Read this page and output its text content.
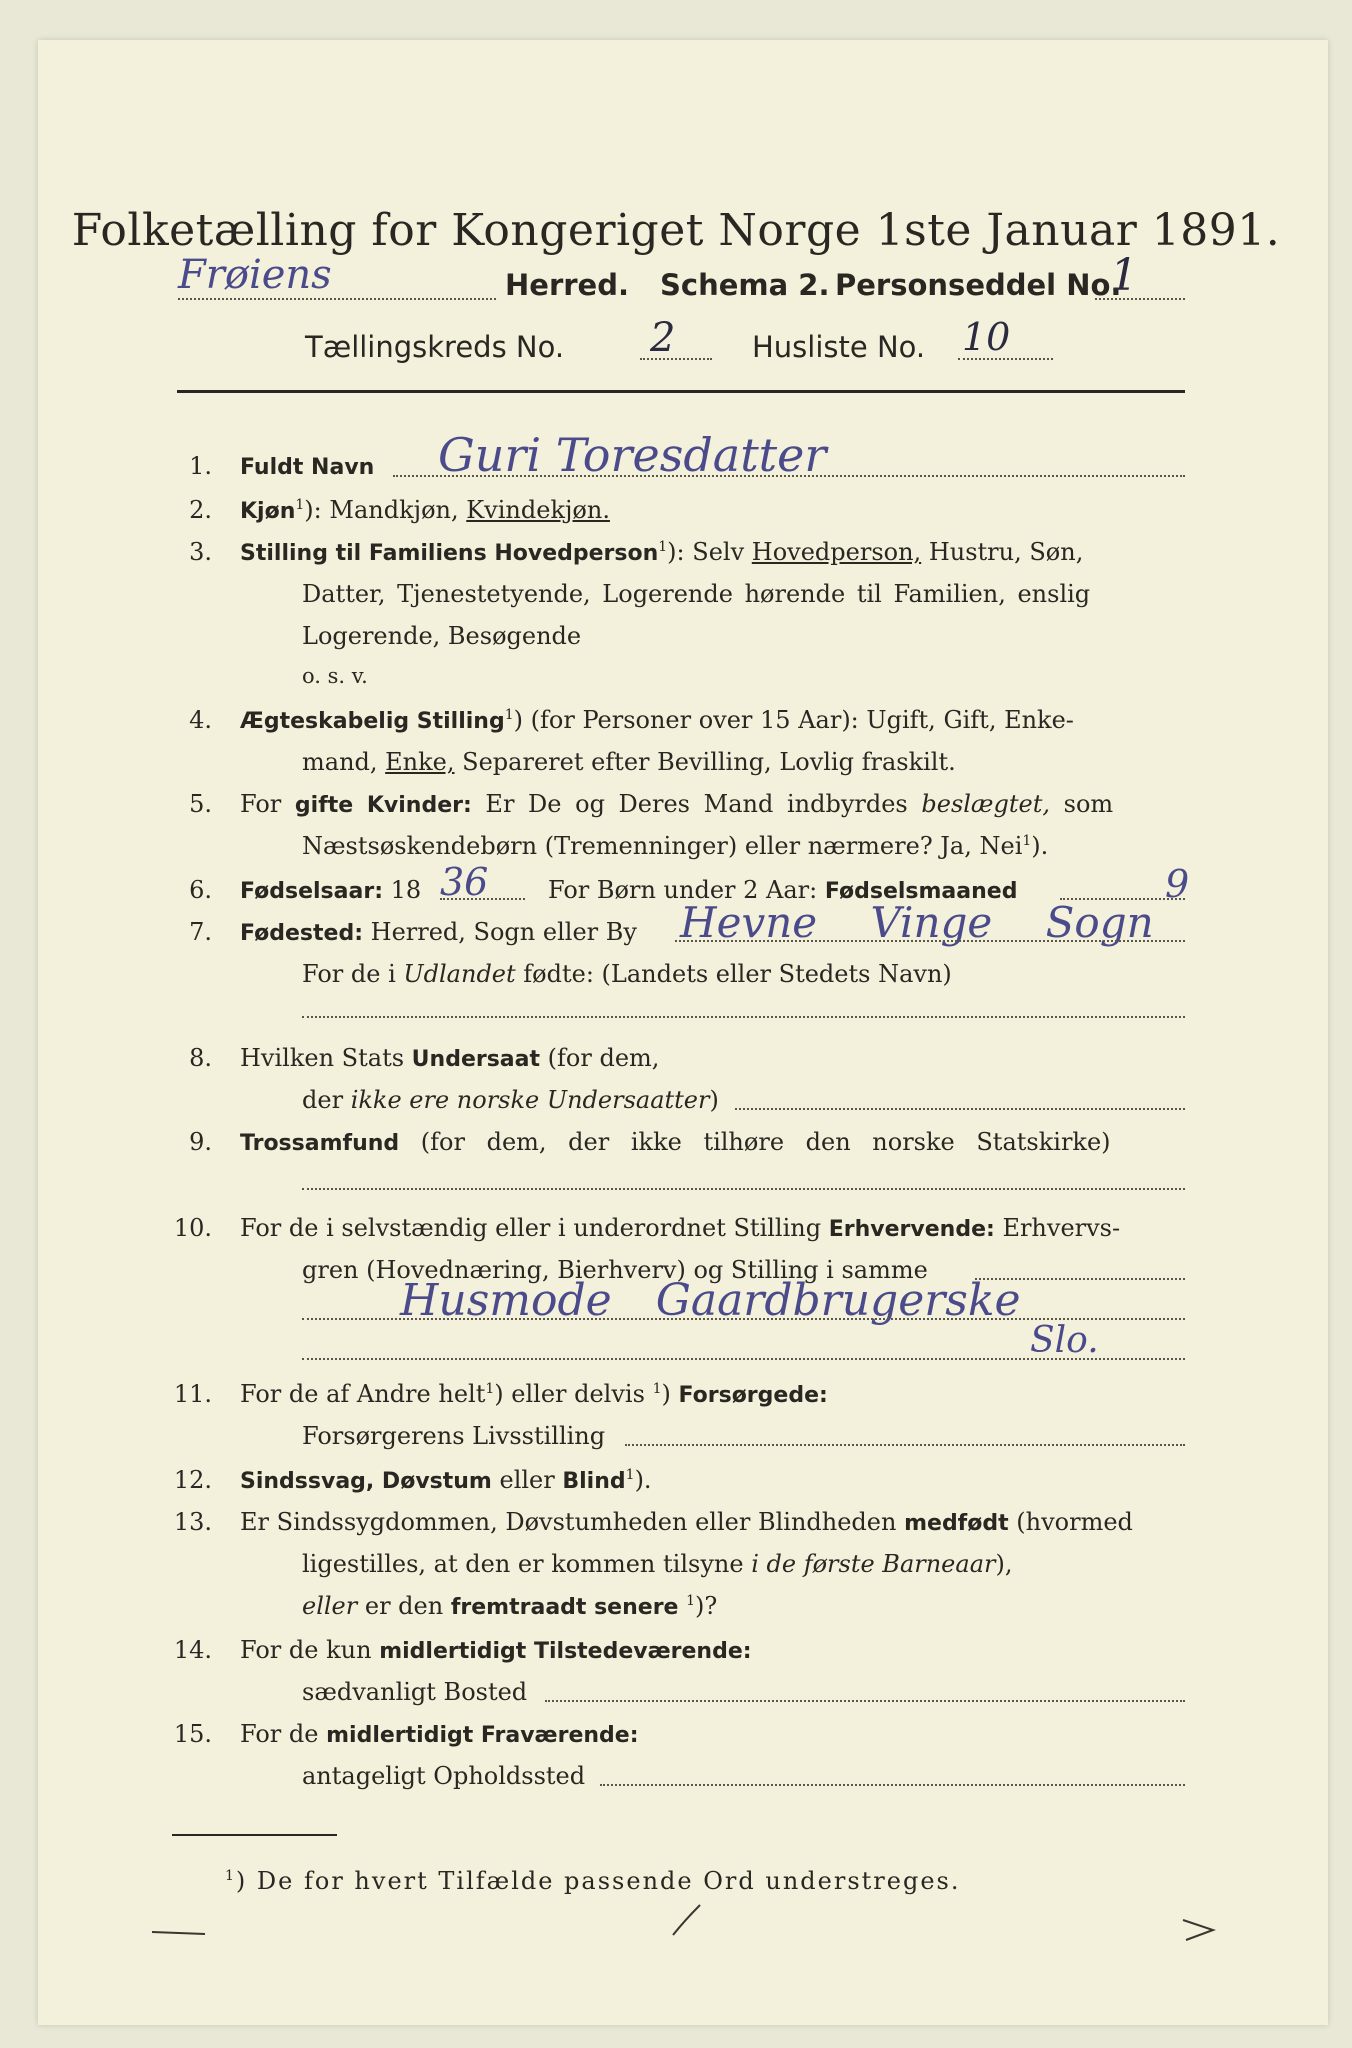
Folketælling for Kongeriget Norge 1ste Januar 1891.
Frøiens	Herred. Schema 2. Personseddel No.
1
Tællingskreds No. 2	Husliste No. 10
1. Fuldt Navn Guri Toresdatter
2. Kjøn$^1$): Mandkjøn, Kvindekjøn.
3. Stilling til Familiens Hovedperson$^1$): Selv Hovedperson, Hustru, Søn,
Datter, Tjenestetyende, Logerende hørende til Familien, enslig
Logerende, Besøgende
o. s. v.
4. Ægteskabelig Stilling$^1$) (for Personer over 15 Aar): Ugift, Gift, Enke-
mand, Enke, Separeret efter Bevilling, Lovlig fraskilt.
5. For gifte Kvinder: Er De og Deres Mand indbyrdes beslægtet, som
Næstsøskendebørn (Tremenninger) eller nærmere? Ja, Nei$^1$).
6. Fødselsaar: 18 36 For Børn under 2 Aar: Fødselsmaaned	9
7. Fødested: Herred, Sogn eller By Hevne Vinge Sogn
For de i Udlandet fødte: (Landets eller Stedets Navn)
8. Hvilken Stats Undersaat (for dem,
der ikke ere norske Undersaatter)
9. Trossamfund (for dem, der ikke tilhøre den norske Statskirke)
10. For de i selvstændig eller i underordnet Stilling Erhvervende: Erhvervs-
gren (Hovednæring, Bierhverv) og Stilling i samme
Husmode Gaardbrugerske
Slo.
11. For de af Andre helt$^1$) eller delvis $^1$) Forsørgede:
Forsørgerens Livsstilling
12. Sindssvag, Døvstum eller Blind$^1$).
13. Er Sindssygdommen, Døvstumheden eller Blindheden medfødt (hvormed
ligestilles, at den er kommen tilsyne i de første Barneaar),
eller er den fremtraadt senere $^1$)?
14. For de kun midlertidigt Tilstedeværende:
sædvanligt Bosted
15. For de midlertidigt Fraværende:
antageligt Opholdssted
$^1$) De for hvert Tilfælde passende Ord understreges.
